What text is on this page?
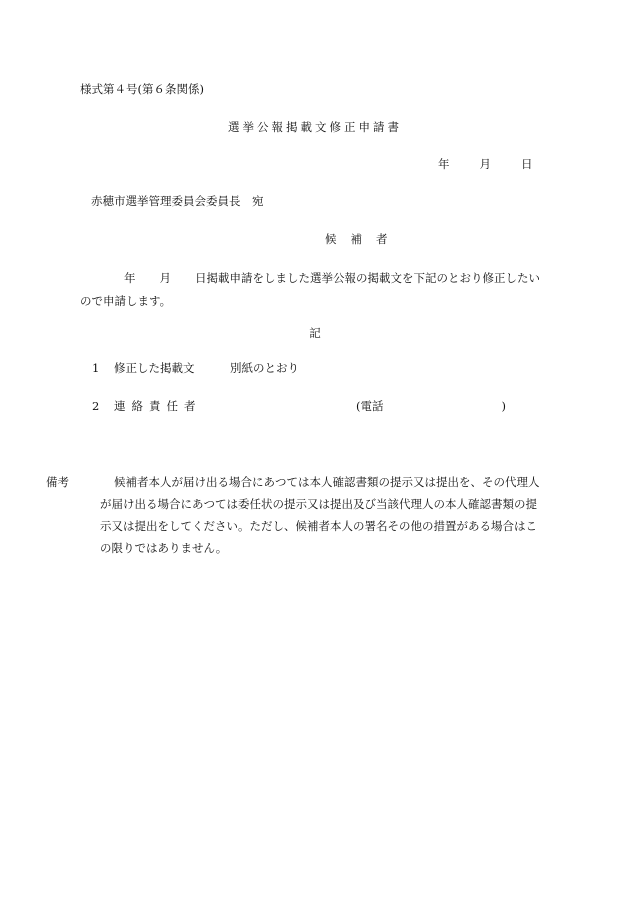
様式第４号(第６条関係)
選挙公報掲載文修正申請書
年	月	日
赤穂市選挙管理委員会委員長　宛
候補者
年 月 日掲載申請をしました選挙公報の掲載文を下記のとおり修正したい
ので申請します。
記
1 修正した掲載文	別紙のとおり
2 連絡責任者	(電話	)
備考	候補者本人が届け出る場合にあつては本人確認書類の提示又は提出を、その代理人
が届け出る場合にあつては委任状の提示又は提出及び当該代理人の本人確認書類の提
示又は提出をしてください。ただし、候補者本人の署名その他の措置がある場合はこ
の限りではありません。
